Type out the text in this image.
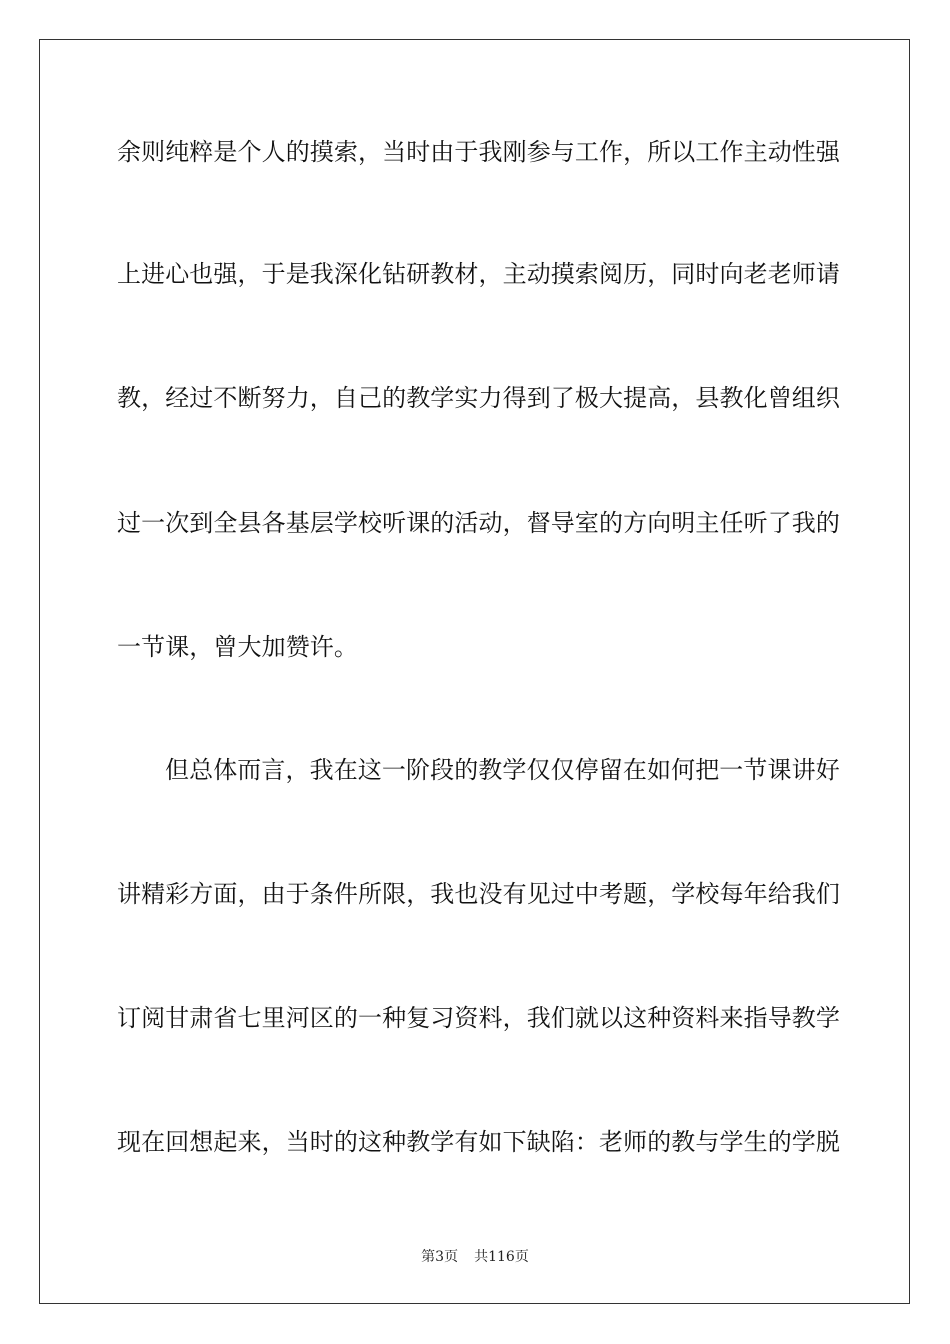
余则纯粹是个人的摸索，当时由于我刚参与工作，所以工作主动性强
上进心也强，于是我深化钻研教材，主动摸索阅历，同时向老老师请
教，经过不断努力，自己的教学实力得到了极大提高，县教化曾组织
过一次到全县各基层学校听课的活动，督导室的方向明主任听了我的
一节课，曾大加赞许。
但总体而言，我在这一阶段的教学仅仅停留在如何把一节课讲好
讲精彩方面，由于条件所限，我也没有见过中考题，学校每年给我们
订阅甘肃省七里河区的一种复习资料，我们就以这种资料来指导教学
现在回想起来，当时的这种教学有如下缺陷：老师的教与学生的学脱
第3页 共116页
